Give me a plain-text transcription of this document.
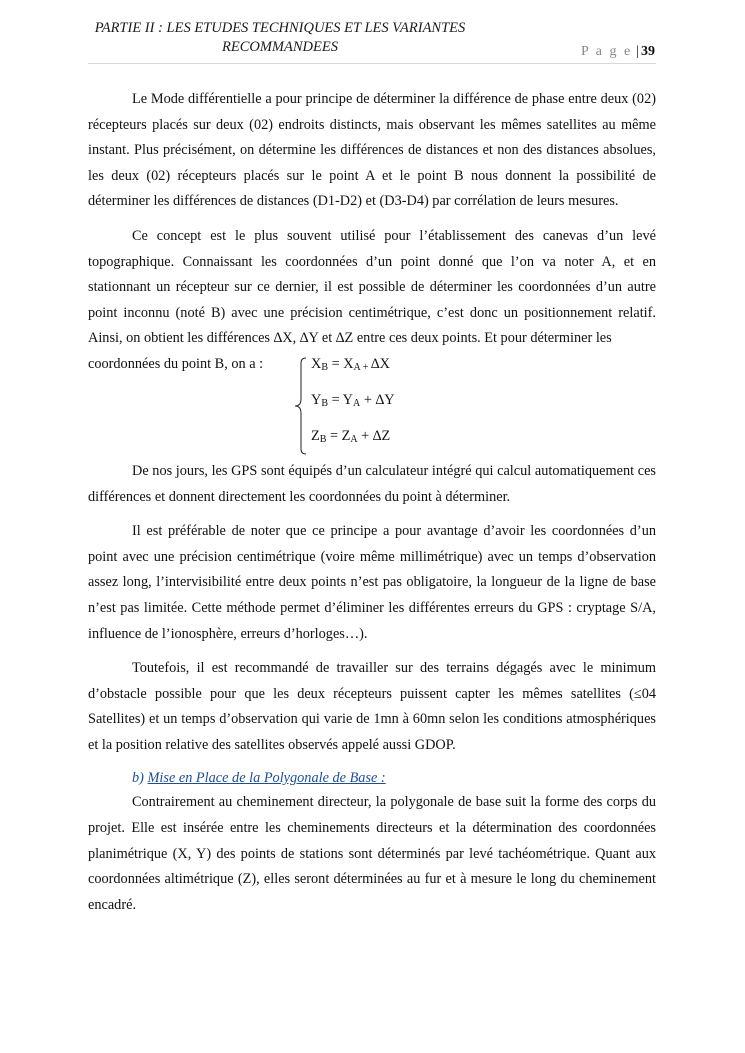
PARTIE II : LES ETUDES TECHNIQUES ET LES VARIANTES
RECOMMANDEES	P a g e | 39

Le Mode différentielle a pour principe de déterminer la différence de phase entre deux (02) récepteurs placés sur deux (02) endroits distincts, mais observant les mêmes satellites au même instant. Plus précisément, on détermine les différences de distances et non des distances absolues, les deux (02) récepteurs placés sur le point A et le point B nous donnent la possibilité de déterminer les différences de distances (D1-D2) et (D3-D4) par corrélation de leurs mesures.

Ce concept est le plus souvent utilisé pour l’établissement des canevas d’un levé topographique. Connaissant les coordonnées d’un point donné que l’on va noter A, et en stationnant un récepteur sur ce dernier, il est possible de déterminer les coordonnées d’un autre point inconnu (noté B) avec une précision centimétrique, c’est donc un positionnement relatif. Ainsi, on obtient les différences ∆X, ∆Y et ∆Z entre ces deux points. Et pour déterminer les

coordonnées du point B, on a :	$X_B = X_{A +}$ ∆X
$Y_B = Y_A + \Delta Y$
$Z_B = Z_A + \Delta Z$

De nos jours, les GPS sont équipés d’un calculateur intégré qui calcul automatiquement ces différences et donnent directement les coordonnées du point à déterminer.

Il est préférable de noter que ce principe a pour avantage d’avoir les coordonnées d’un point avec une précision centimétrique (voire même millimétrique) avec un temps d’observation assez long, l’intervisibilité entre deux points n’est pas obligatoire, la longueur de la ligne de base n’est pas limitée. Cette méthode permet d’éliminer les différentes erreurs du GPS : cryptage S/A, influence de l’ionosphère, erreurs d’horloges…).

Toutefois, il est recommandé de travailler sur des terrains dégagés avec le minimum d’obstacle possible pour que les deux récepteurs puissent capter les mêmes satellites (≤04 Satellites) et un temps d’observation qui varie de 1mn à 60mn selon les conditions atmosphériques et la position relative des satellites observés appelé aussi GDOP.

b) Mise en Place de la Polygonale de Base :

Contrairement au cheminement directeur, la polygonale de base suit la forme des corps du projet. Elle est insérée entre les cheminements directeurs et la détermination des coordonnées planimétrique (X, Y) des points de stations sont déterminés par levé tachéométrique. Quant aux coordonnées altimétrique (Z), elles seront déterminées au fur et à mesure le long du cheminement encadré.
